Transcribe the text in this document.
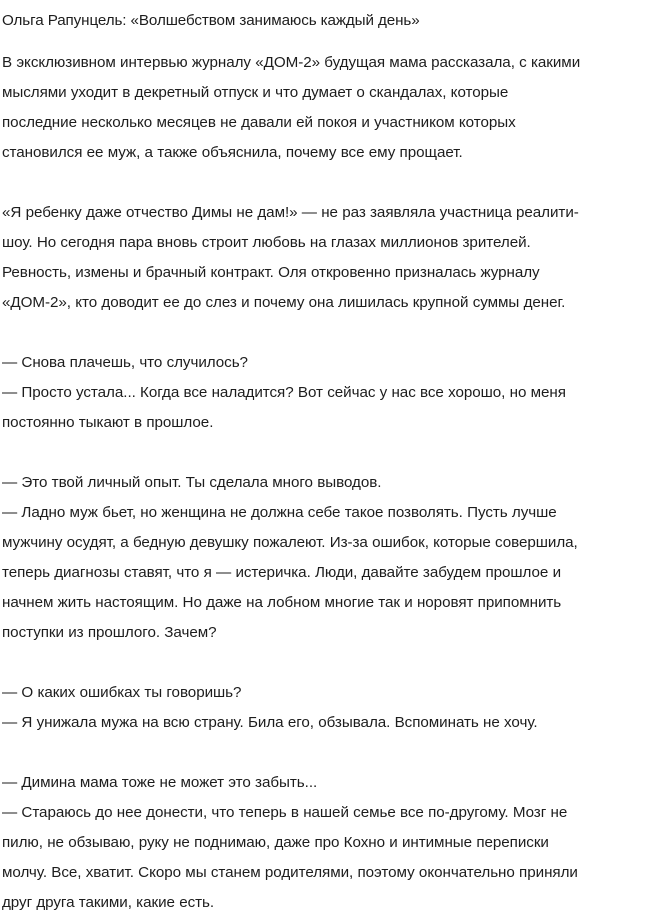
Ольга Рапунцель: «Волшебством занимаюсь каждый день»

В эксклюзивном интервью журналу «ДОМ-2» будущая мама рассказала, с какими
мыслями уходит в декретный отпуск и что думает о скандалах, которые
последние несколько месяцев не давали ей покоя и участником которых
становился ее муж, а также объяснила, почему все ему прощает.

«Я ребенку даже отчество Димы не дам!» — не раз заявляла участница реалити-
шоу. Но сегодня пара вновь строит любовь на глазах миллионов зрителей.
Ревность, измены и брачный контракт. Оля откровенно призналась журналу
«ДОМ-2», кто доводит ее до слез и почему она лишилась крупной суммы денег.

— Снова плачешь, что случилось?
— Просто устала... Когда все наладится? Вот сейчас у нас все хорошо, но меня
постоянно тыкают в прошлое.

— Это твой личный опыт. Ты сделала много выводов.
— Ладно муж бьет, но женщина не должна себе такое позволять. Пусть лучше
мужчину осудят, а бедную девушку пожалеют. Из-за ошибок, которые совершила,
теперь диагнозы ставят, что я — истеричка. Люди, давайте забудем прошлое и
начнем жить настоящим. Но даже на лобном многие так и норовят припомнить
поступки из прошлого. Зачем?

— О каких ошибках ты говоришь?
— Я унижала мужа на всю страну. Била его, обзывала. Вспоминать не хочу.

— Димина мама тоже не может это забыть...
— Стараюсь до нее донести, что теперь в нашей семье все по-другому. Мозг не
пилю, не обзываю, руку не поднимаю, даже про Кохно и интимные переписки
молчу. Все, хватит. Скоро мы станем родителями, поэтому окончательно приняли
друг друга такими, какие есть.
